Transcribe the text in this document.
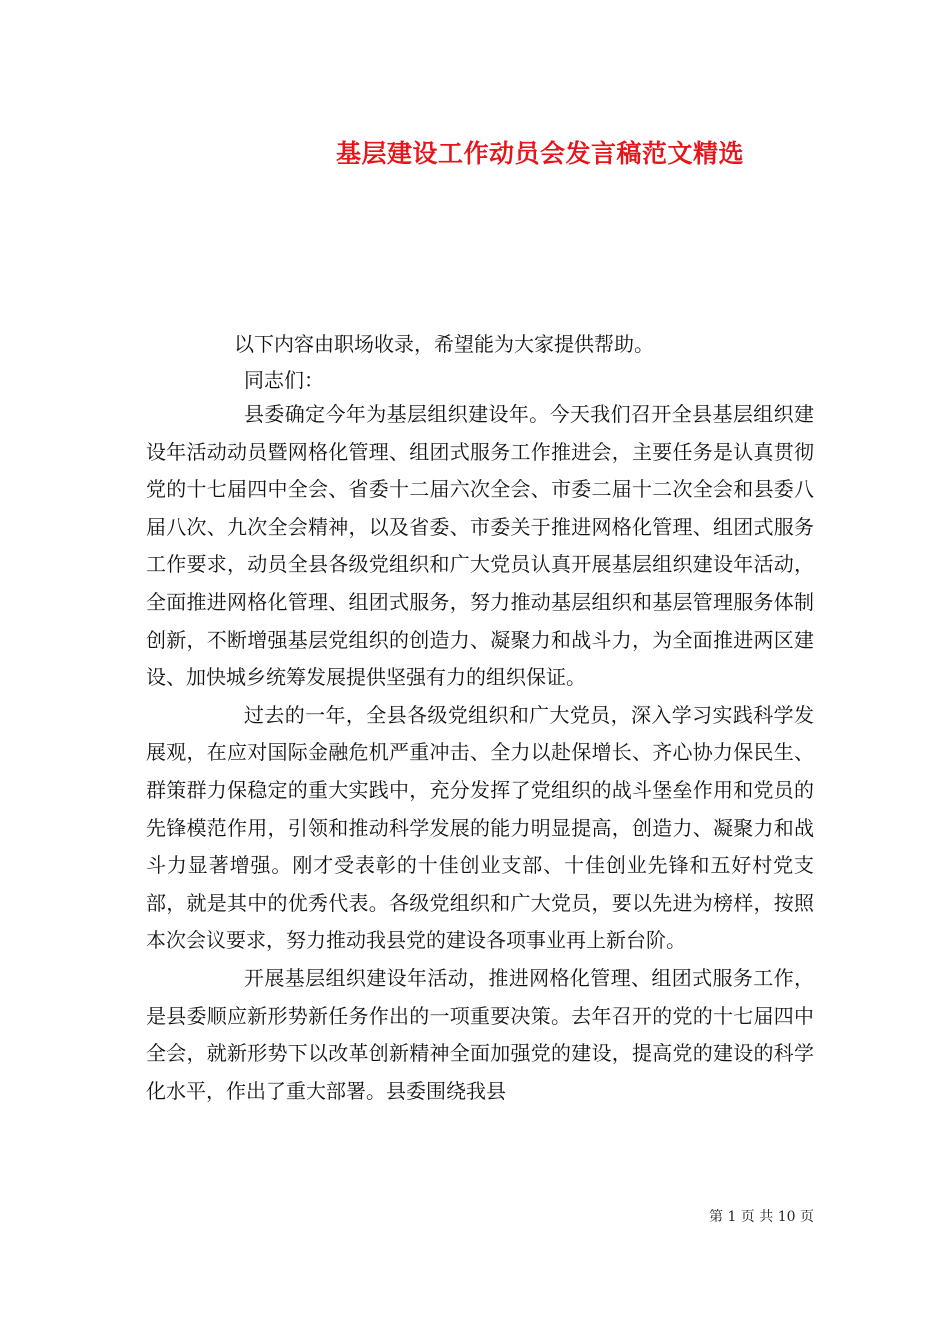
基层建设工作动员会发言稿范文精选
以下内容由职场收录，希望能为大家提供帮助。
同志们：

县委确定今年为基层组织建设年。今天我们召开全县基层组织建设年活动动员暨网格化管理、组团式服务工作推进会，主要任务是认真贯彻党的十七届四中全会、省委十二届六次全会、市委二届十二次全会和县委八届八次、九次全会精神，以及省委、市委关于推进网格化管理、组团式服务工作要求，动员全县各级党组织和广大党员认真开展基层组织建设年活动，全面推进网格化管理、组团式服务，努力推动基层组织和基层管理服务体制创新，不断增强基层党组织的创造力、凝聚力和战斗力，为全面推进两区建设、加快城乡统筹发展提供坚强有力的组织保证。

过去的一年，全县各级党组织和广大党员，深入学习实践科学发展观，在应对国际金融危机严重冲击、全力以赴保增长、齐心协力保民生、群策群力保稳定的重大实践中，充分发挥了党组织的战斗堡垒作用和党员的先锋模范作用，引领和推动科学发展的能力明显提高，创造力、凝聚力和战斗力显著增强。刚才受表彰的十佳创业支部、十佳创业先锋和五好村党支部，就是其中的优秀代表。各级党组织和广大党员，要以先进为榜样，按照本次会议要求，努力推动我县党的建设各项事业再上新台阶。

开展基层组织建设年活动，推进网格化管理、组团式服务工作，是县委顺应新形势新任务作出的一项重要决策。去年召开的党的十七届四中全会，就新形势下以改革创新精神全面加强党的建设，提高党的建设的科学化水平，作出了重大部署。县委围绕我县

第 1 页 共 10 页
